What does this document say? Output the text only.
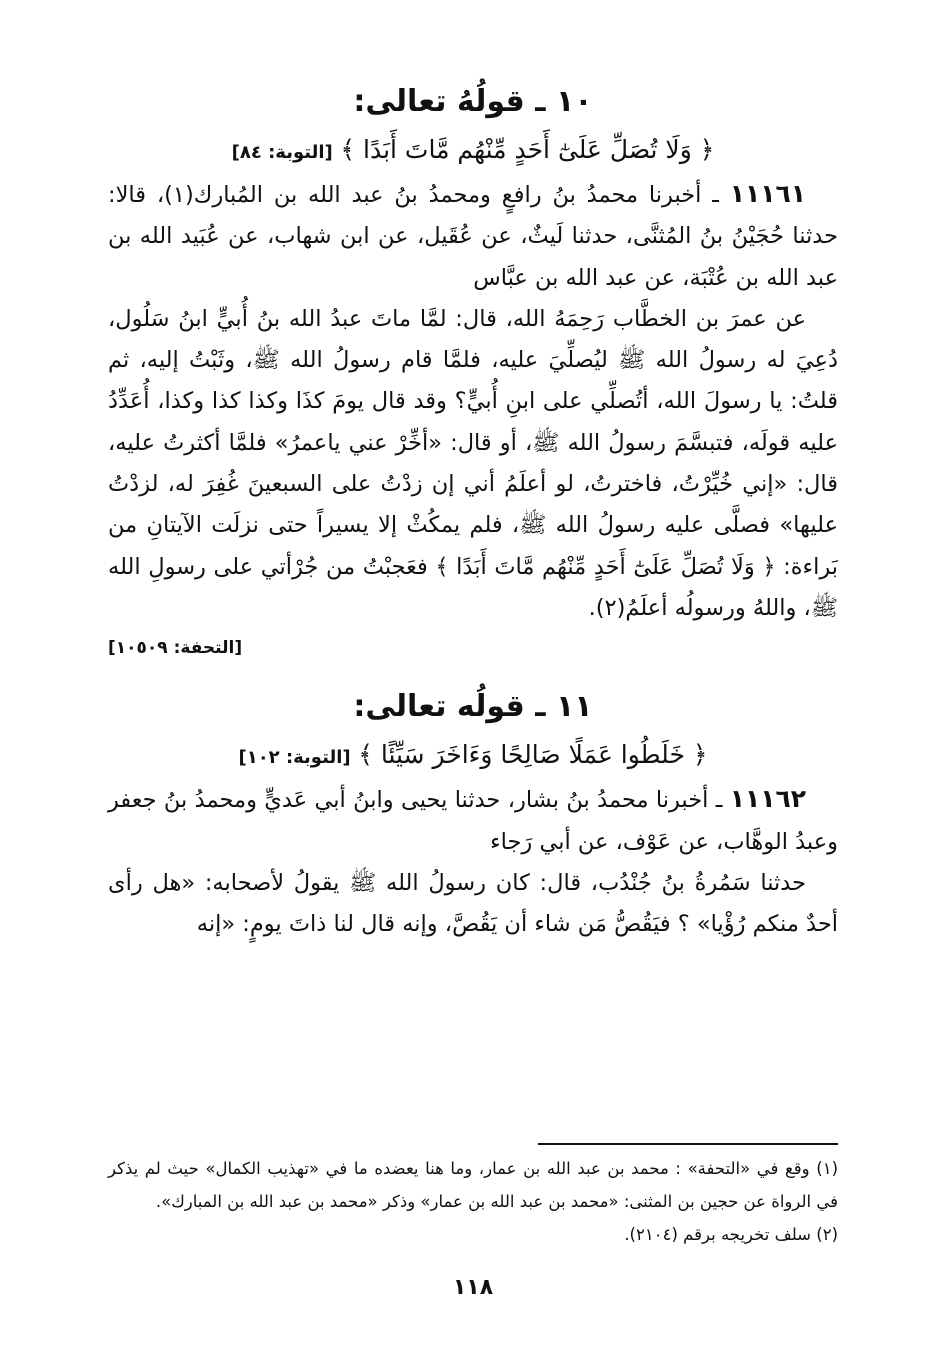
١٠ ـ قولُهُ تعالى:
﴿ وَلَا تُصَلِّ عَلَىٰٓ أَحَدٍ مِّنْهُم مَّاتَ أَبَدًا ﴾ [التوبة: ٨٤]

١١١٦١ ـ أخبرنا محمدُ بنُ رافعٍ ومحمدُ بنُ عبد الله بن المُبارك(١)، قالا: حدثنا حُجَيْنُ بنُ المُثنَّى، حدثنا لَيثٌ، عن عُقَيل، عن ابن شهاب، عن عُبَيد الله بن عبد الله بن عُتْبَة، عن عبد الله بن عبَّاس

عن عمرَ بن الخطَّاب رَحِمَهُ الله، قال: لمَّا ماتَ عبدُ الله بنُ أُبيٍّ ابنُ سَلُول، دُعِيَ له رسولُ الله ﷺ ليُصلِّيَ عليه، فلمَّا قام رسولُ الله ﷺ، وثَبْتُ إليه، ثم قلتُ: يا رسولَ الله، أتُصلِّي على ابنِ أُبيٍّ؟ وقد قال يومَ كذَا وكذا كذا وكذا، أُعَدِّدُ عليه قولَه، فتبسَّمَ رسولُ الله ﷺ، أو قال: «أخِّرْ عني ياعمرُ» فلمَّا أكثرتُ عليه، قال: «إني خُيِّرْتُ، فاخترتُ، لو أعلَمُ أني إن زدْتُ على السبعينَ غُفِرَ له، لزدْتُ عليها» فصلَّى عليه رسولُ الله ﷺ، فلم يمكُثْ إلا يسيراً حتى نزلَت الآيتانِ من بَراءة: ﴿ وَلَا تُصَلِّ عَلَىٰٓ أَحَدٍ مِّنْهُم مَّاتَ أَبَدًا ﴾ فعَجبْتُ من جُرْأتي على رسولِ الله ﷺ، واللهُ ورسولُه أعلَمُ(٢).

[التحفة: ١٠٥٠٩]
١١ ـ قولُه تعالى:
﴿ خَلَطُوا عَمَلًا صَالِحًا وَءَاخَرَ سَيِّئًا ﴾ [التوبة: ١٠٢]

١١١٦٢ ـ أخبرنا محمدُ بنُ بشار، حدثنا يحيى وابنُ أبي عَديٍّ ومحمدُ بنُ جعفر وعبدُ الوهَّاب، عن عَوْف، عن أبي رَجاء

حدثنا سَمُرةُ بنُ جُنْدُب، قال: كان رسولُ الله ﷺ يقولُ لأصحابه: «هل رأى أحدٌ منكم رُؤْيا» ؟ فيَقُصُّ مَن شاء أن يَقُصَّ، وإنه قال لنا ذاتَ يومٍ: «إنه

(١) وقع في «التحفة» : محمد بن عبد الله بن عمار، وما هنا يعضده ما في «تهذيب الكمال» حيث لم يذكر في الرواة عن حجين بن المثنى: «محمد بن عبد الله بن عمار» وذكر «محمد بن عبد الله بن المبارك».

(٢) سلف تخريجه برقم (٢١٠٤).

١١٨
